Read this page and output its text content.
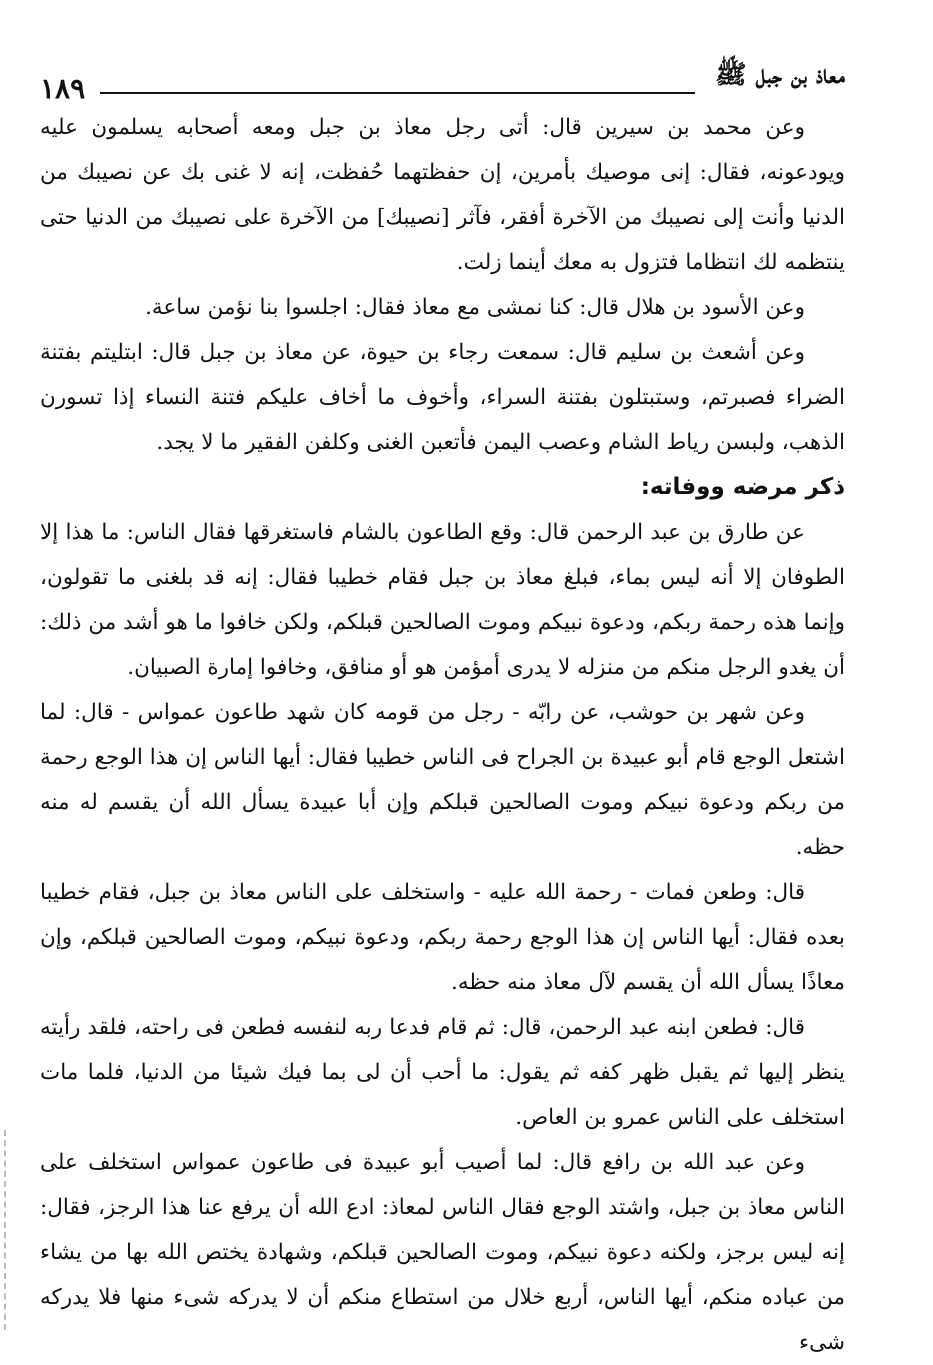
معاذ بن جبل ﷺ
١٨٩

وعن محمد بن سيرين قال: أتى رجل معاذ بن جبل ومعه أصحابه يسلمون عليه ويودعونه، فقال: إنى موصيك بأمرين، إن حفظتهما حُفظت، إنه لا غنى بك عن نصيبك من الدنيا وأنت إلى نصيبك من الآخرة أفقر، فآثر [نصيبك] من الآخرة على نصيبك من الدنيا حتى ينتظمه لك انتظاما فتزول به معك أينما زلت.

وعن الأسود بن هلال قال: كنا نمشى مع معاذ فقال: اجلسوا بنا نؤمن ساعة.

وعن أشعث بن سليم قال: سمعت رجاء بن حيوة، عن معاذ بن جبل قال: ابتليتم بفتنة الضراء فصبرتم، وستبتلون بفتنة السراء، وأخوف ما أخاف عليكم فتنة النساء إذا تسورن الذهب، ولبسن رياط الشام وعصب اليمن فأتعبن الغنى وكلفن الفقير ما لا يجد.

ذكر مرضه ووفاته:

عن طارق بن عبد الرحمن قال: وقع الطاعون بالشام فاستغرقها فقال الناس: ما هذا إلا الطوفان إلا أنه ليس بماء، فبلغ معاذ بن جبل فقام خطيبا فقال: إنه قد بلغنى ما تقولون، وإنما هذه رحمة ربكم، ودعوة نبيكم وموت الصالحين قبلكم، ولكن خافوا ما هو أشد من ذلك: أن يغدو الرجل منكم من منزله لا يدرى أمؤمن هو أو منافق، وخافوا إمارة الصبيان.

وعن شهر بن حوشب، عن رابّه - رجل من قومه كان شهد طاعون عمواس - قال: لما اشتعل الوجع قام أبو عبيدة بن الجراح فى الناس خطيبا فقال: أيها الناس إن هذا الوجع رحمة من ربكم ودعوة نبيكم وموت الصالحين قبلكم وإن أبا عبيدة يسأل الله أن يقسم له منه حظه.

قال: وطعن فمات - رحمة الله عليه - واستخلف على الناس معاذ بن جبل، فقام خطيبا بعده فقال: أيها الناس إن هذا الوجع رحمة ربكم، ودعوة نبيكم، وموت الصالحين قبلكم، وإن معاذًا يسأل الله أن يقسم لآل معاذ منه حظه.

قال: فطعن ابنه عبد الرحمن، قال: ثم قام فدعا ربه لنفسه فطعن فى راحته، فلقد رأيته ينظر إليها ثم يقبل ظهر كفه ثم يقول: ما أحب أن لى بما فيك شيئا من الدنيا، فلما مات استخلف على الناس عمرو بن العاص.

وعن عبد الله بن رافع قال: لما أصيب أبو عبيدة فى طاعون عمواس استخلف على الناس معاذ بن جبل، واشتد الوجع فقال الناس لمعاذ: ادع الله أن يرفع عنا هذا الرجز، فقال: إنه ليس برجز، ولكنه دعوة نبيكم، وموت الصالحين قبلكم، وشهادة يختص الله بها من يشاء من عباده منكم، أيها الناس، أربع خلال من استطاع منكم أن لا يدركه شىء منها فلا يدركه شىء
